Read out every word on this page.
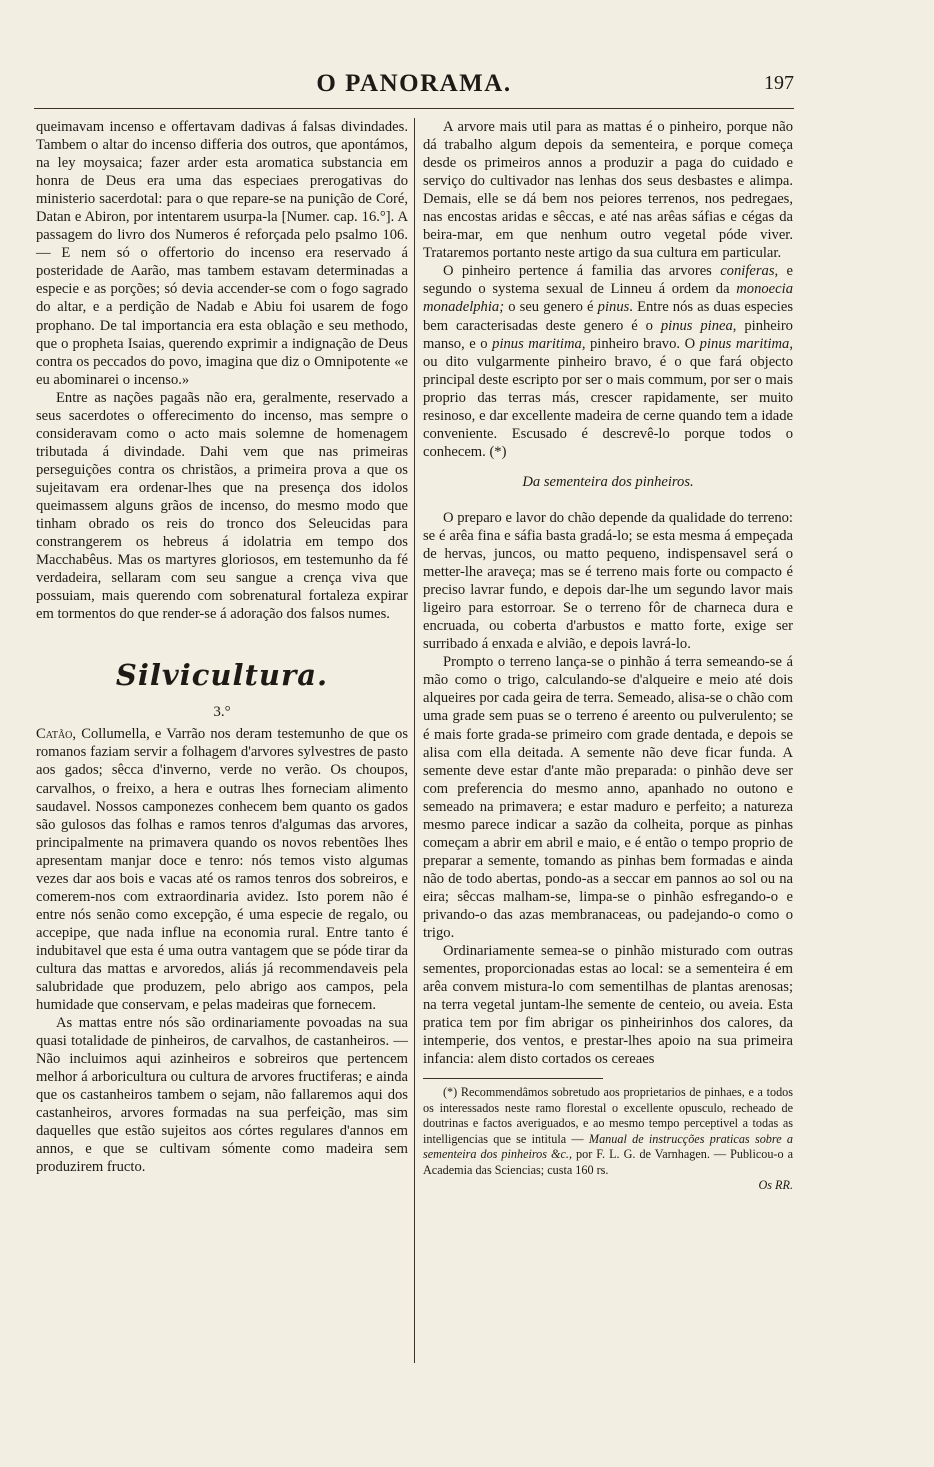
O PANORAMA.	197

queimavam incenso e offertavam dadivas á falsas divindades. Tambem o altar do incenso differia dos outros, que apontámos, na ley moysaica; fazer arder esta aromatica substancia em honra de Deus era uma das especiaes prerogativas do ministerio sacerdotal: para o que repare-se na punição de Coré, Datan e Abiron, por intentarem usurpa-la [Numer. cap. 16.°]. A passagem do livro dos Numeros é reforçada pelo psalmo 106. — E nem só o offertorio do incenso era reservado á posteridade de Aarão, mas tambem estavam determinadas a especie e as porções; só devia accender-se com o fogo sagrado do altar, e a perdição de Nadab e Abiu foi usarem de fogo prophano. De tal importancia era esta oblação e seu methodo, que o propheta Isaias, querendo exprimir a indignação de Deus contra os peccados do povo, imagina que diz o Omnipotente «e eu abominarei o incenso.»

Entre as nações pagaãs não era, geralmente, reservado a seus sacerdotes o offerecimento do incenso, mas sempre o consideravam como o acto mais solemne de homenagem tributada á divindade. Dahi vem que nas primeiras perseguições contra os christãos, a primeira prova a que os sujeitavam era ordenar-lhes que na presença dos idolos queimassem alguns grãos de incenso, do mesmo modo que tinham obrado os reis do tronco dos Seleucidas para constrangerem os hebreus á idolatria em tempo dos Macchabêus. Mas os martyres gloriosos, em testemunho da fé verdadeira, sellaram com seu sangue a crença viva que possuiam, mais querendo com sobrenatural fortaleza expirar em tormentos do que render-se á adoração dos falsos numes.

Silvicultura.
3.°

Catão, Collumella, e Varrão nos deram testemunho de que os romanos faziam servir a folhagem d'arvores sylvestres de pasto aos gados; sêcca d'inverno, verde no verão. Os choupos, carvalhos, o freixo, a hera e outras lhes forneciam alimento saudavel. Nossos camponezes conhecem bem quanto os gados são gulosos das folhas e ramos tenros d'algumas das arvores, principalmente na primavera quando os novos rebentões lhes apresentam manjar doce e tenro: nós temos visto algumas vezes dar aos bois e vacas até os ramos tenros dos sobreiros, e comerem-nos com extraordinaria avidez. Isto porem não é entre nós senão como excepção, é uma especie de regalo, ou accepipe, que nada influe na economia rural. Entre tanto é indubitavel que esta é uma outra vantagem que se póde tirar da cultura das mattas e arvoredos, aliás já recommendaveis pela salubridade que produzem, pelo abrigo aos campos, pela humidade que conservam, e pelas madeiras que fornecem.

As mattas entre nós são ordinariamente povoadas na sua quasi totalidade de pinheiros, de carvalhos, de castanheiros. — Não incluimos aqui azinheiros e sobreiros que pertencem melhor á arboricultura ou cultura de arvores fructiferas; e ainda que os castanheiros tambem o sejam, não fallaremos aqui dos castanheiros, arvores formadas na sua perfeição, mas sim daquelles que estão sujeitos aos córtes regulares d'annos em annos, e que se cultivam sómente como madeira sem produzirem fructo.

A arvore mais util para as mattas é o pinheiro, porque não dá trabalho algum depois da sementeira, e porque começa desde os primeiros annos a produzir a paga do cuidado e serviço do cultivador nas lenhas dos seus desbastes e alimpa. Demais, elle se dá bem nos peiores terrenos, nos pedregaes, nas encostas aridas e sêccas, e até nas arêas sáfias e cégas da beira-mar, em que nenhum outro vegetal póde viver. Trataremos portanto neste artigo da sua cultura em particular.

O pinheiro pertence á familia das arvores coniferas, e segundo o systema sexual de Linneu á ordem da monoecia monadelphia; o seu genero é pinus. Entre nós as duas especies bem caracterisadas deste genero é o pinus pinea, pinheiro manso, e o pinus maritima, pinheiro bravo. O pinus maritima, ou dito vulgarmente pinheiro bravo, é o que fará objecto principal deste escripto por ser o mais commum, por ser o mais proprio das terras más, crescer rapidamente, ser muito resinoso, e dar excellente madeira de cerne quando tem a idade conveniente. Escusado é descrevê-lo porque todos o conhecem. (*)

Da sementeira dos pinheiros.

O preparo e lavor do chão depende da qualidade do terreno: se é arêa fina e sáfia basta gradá-lo; se esta mesma á empeçada de hervas, juncos, ou matto pequeno, indispensavel será o metter-lhe araveça; mas se é terreno mais forte ou compacto é preciso lavrar fundo, e depois dar-lhe um segundo lavor mais ligeiro para estorroar. Se o terreno fôr de charneca dura e encruada, ou coberta d'arbustos e matto forte, exige ser surribado á enxada e alvião, e depois lavrá-lo.

Prompto o terreno lança-se o pinhão á terra semeando-se á mão como o trigo, calculando-se d'alqueire e meio até dois alqueires por cada geira de terra. Semeado, alisa-se o chão com uma grade sem puas se o terreno é areento ou pulverulento; se é mais forte grada-se primeiro com grade dentada, e depois se alisa com ella deitada. A semente não deve ficar funda. A semente deve estar d'ante mão preparada: o pinhão deve ser com preferencia do mesmo anno, apanhado no outono e semeado na primavera; e estar maduro e perfeito; a natureza mesmo parece indicar a sazão da colheita, porque as pinhas começam a abrir em abril e maio, e é então o tempo proprio de preparar a semente, tomando as pinhas bem formadas e ainda não de todo abertas, pondo-as a seccar em pannos ao sol ou na eira; sêccas malham-se, limpa-se o pinhão esfregando-o e privando-o das azas membranaceas, ou padejando-o como o trigo.

Ordinariamente semea-se o pinhão misturado com outras sementes, proporcionadas estas ao local: se a sementeira é em arêa convem mistura-lo com sementilhas de plantas arenosas; na terra vegetal juntam-lhe semente de centeio, ou aveia. Esta pratica tem por fim abrigar os pinheirinhos dos calores, da intemperie, dos ventos, e prestar-lhes apoio na sua primeira infancia: alem disto cortados os cereaes

(*) Recommendâmos sobretudo aos proprietarios de pinhaes, e a todos os interessados neste ramo florestal o excellente opusculo, recheado de doutrinas e factos averiguados, e ao mesmo tempo perceptivel a todas as intelligencias que se intitula — Manual de instrucções praticas sobre a sementeira dos pinheiros &c., por F. L. G. de Varnhagen. — Publicou-o a Academia das Sciencias; custa 160 rs.

Os RR.
